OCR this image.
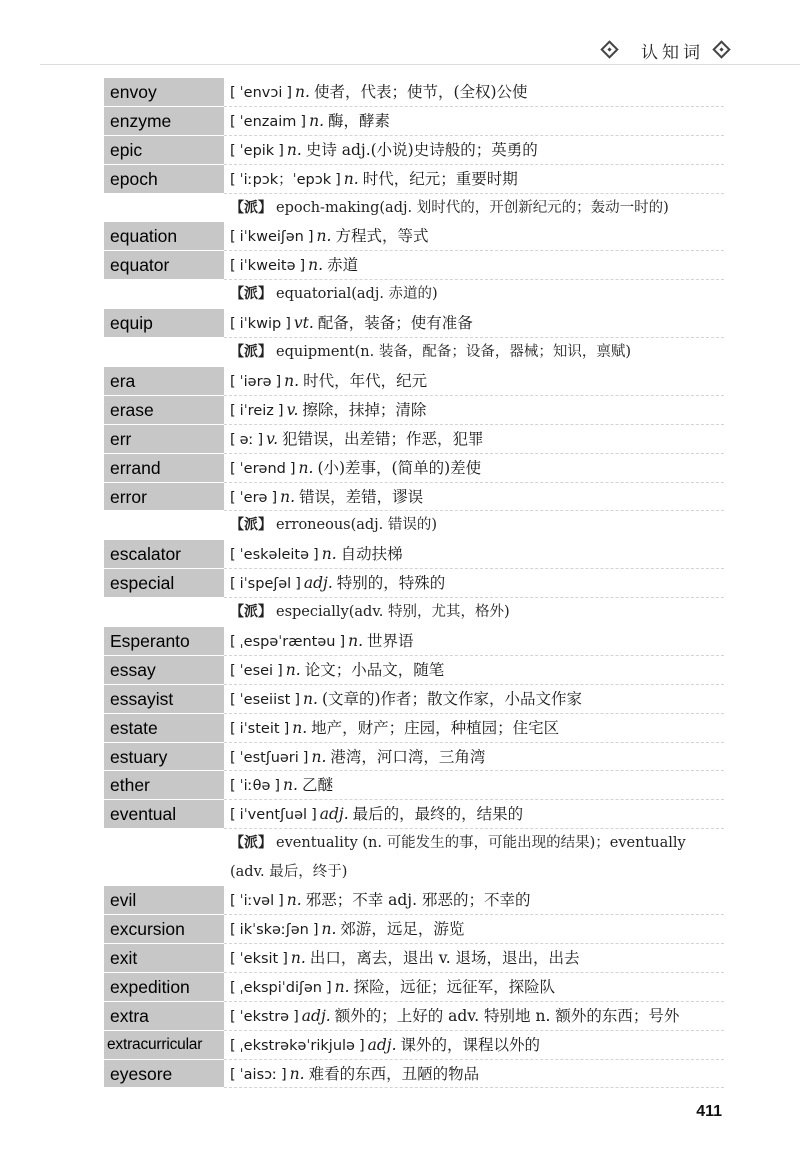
认知词
envoy	[ ˈenvɔi ] n. 使者，代表；使节，(全权)公使
enzyme	[ ˈenzaim ] n. 酶，酵素
epic	[ ˈepik ] n. 史诗 adj.(小说)史诗般的；英勇的
epoch	[ ˈiːpɔk；ˈepɔk ] n. 时代，纪元；重要时期
【 派 】 epoch-making(adj. 划时代的，开创新纪元的；轰动一时的)
equation	[ iˈkweiʃən ] n. 方程式，等式
equator	[ iˈkweitə ] n. 赤道
【 派 】 equatorial(adj. 赤道的)
equip	[ iˈkwip ] vt. 配备，装备；使有准备
【 派 】 equipment(n. 装备，配备；设备，器械；知识，禀赋)
era	[ ˈiərə ] n. 时代，年代，纪元
erase	[ iˈreiz ] v. 擦除，抹掉；清除
err	[ əː ] v. 犯错误，出差错；作恶，犯罪
errand	[ ˈerənd ] n. (小)差事，(简单的)差使
error	[ ˈerə ] n. 错误，差错，谬误
【 派 】 erroneous(adj. 错误的)
escalator	[ ˈeskəleitə ] n. 自动扶梯
especial	[ iˈspeʃəl ] adj. 特别的，特殊的
【 派 】 especially(adv. 特别，尤其，格外)
Esperanto	[ ˌespəˈræntəu ] n. 世界语
essay	[ ˈesei ] n. 论文；小品文，随笔
essayist	[ ˈeseiist ] n. (文章的)作者；散文作家，小品文作家
estate	[ iˈsteit ] n. 地产，财产；庄园，种植园；住宅区
estuary	[ ˈestʃuəri ] n. 港湾，河口湾，三角湾
ether	[ ˈiːθə ] n. 乙醚
eventual	[ iˈventʃuəl ] adj. 最后的，最终的，结果的
【 派 】 eventuality (n. 可能发生的事，可能出现的结果)；eventually (adv. 最后，终于)
evil	[ ˈiːvəl ] n. 邪恶；不幸 adj. 邪恶的；不幸的
excursion	[ ikˈskəːʃən ] n. 郊游，远足，游览
exit	[ ˈeksit ] n. 出口，离去，退出 v. 退场，退出，出去
expedition	[ ˌekspiˈdiʃən ] n. 探险，远征；远征军，探险队
extra	[ ˈekstrə ] adj. 额外的；上好的 adv. 特别地 n. 额外的东西；号外
extracurricular	[ ˌekstrəkəˈrikjulə ] adj. 课外的，课程以外的
eyesore	[ ˈaisɔː ] n. 难看的东西，丑陋的物品
411
